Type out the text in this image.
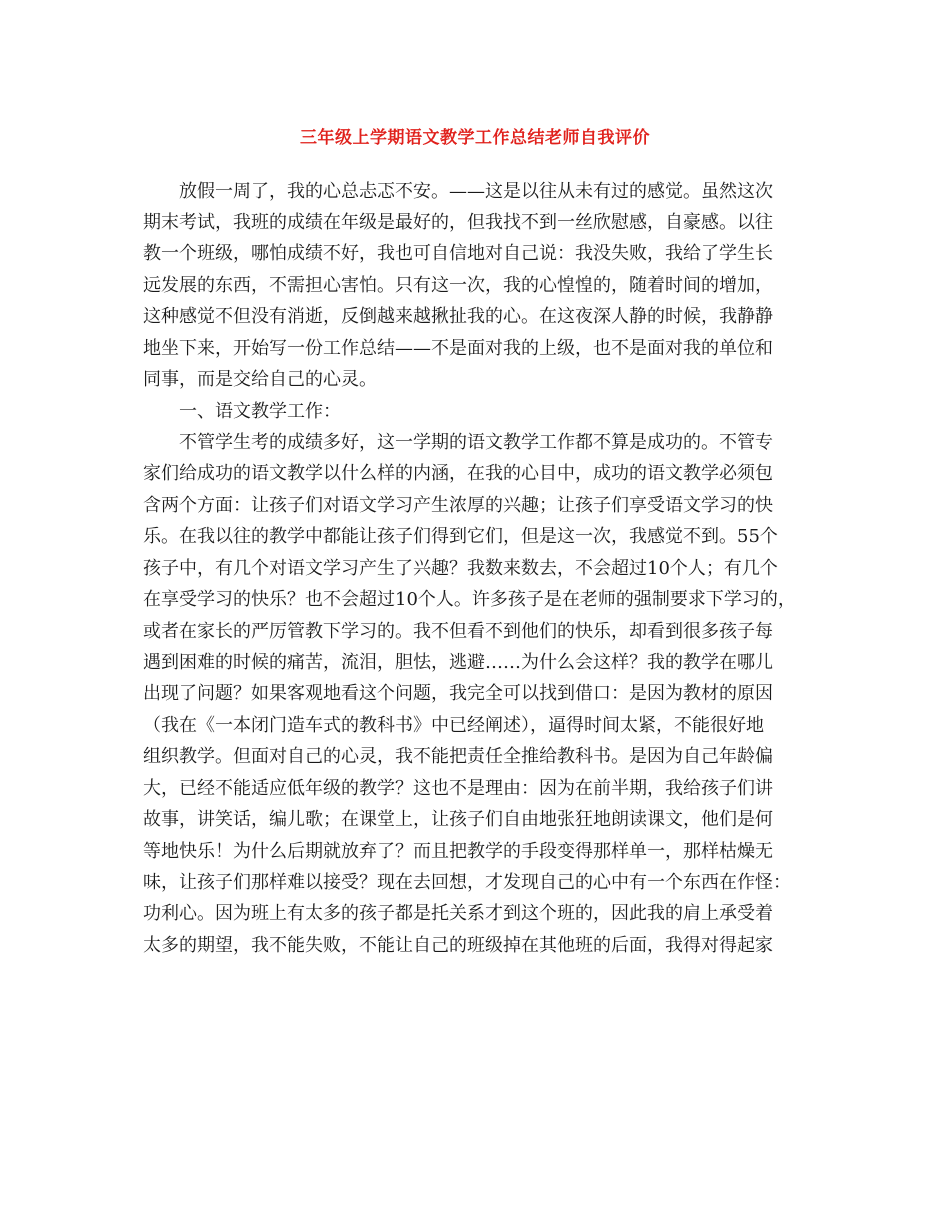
三年级上学期语文教学工作总结老师自我评价
　　放假一周了，我的心总忐忑不安。——这是以往从未有过的感觉。虽然这次
期末考试，我班的成绩在年级是最好的，但我找不到一丝欣慰感，自豪感。以往
教一个班级，哪怕成绩不好，我也可自信地对自己说：我没失败，我给了学生长
远发展的东西，不需担心害怕。只有这一次，我的心惶惶的，随着时间的增加，
这种感觉不但没有消逝，反倒越来越揪扯我的心。在这夜深人静的时候，我静静
地坐下来，开始写一份工作总结——不是面对我的上级，也不是面对我的单位和
同事，而是交给自己的心灵。
　　一、语文教学工作：
　　不管学生考的成绩多好，这一学期的语文教学工作都不算是成功的。不管专
家们给成功的语文教学以什么样的内涵，在我的心目中，成功的语文教学必须包
含两个方面：让孩子们对语文学习产生浓厚的兴趣；让孩子们享受语文学习的快
乐。在我以往的教学中都能让孩子们得到它们，但是这一次，我感觉不到。55个
孩子中，有几个对语文学习产生了兴趣？我数来数去，不会超过10个人；有几个
在享受学习的快乐？也不会超过10个人。许多孩子是在老师的强制要求下学习的，
或者在家长的严厉管教下学习的。我不但看不到他们的快乐，却看到很多孩子每
遇到困难的时候的痛苦，流泪，胆怯，逃避……为什么会这样？我的教学在哪儿
出现了问题？如果客观地看这个问题，我完全可以找到借口：是因为教材的原因
（我在《一本闭门造车式的教科书》中已经阐述），逼得时间太紧，不能很好地
组织教学。但面对自己的心灵，我不能把责任全推给教科书。是因为自己年龄偏
大，已经不能适应低年级的教学？这也不是理由：因为在前半期，我给孩子们讲
故事，讲笑话，编儿歌；在课堂上，让孩子们自由地张狂地朗读课文，他们是何
等地快乐！为什么后期就放弃了？而且把教学的手段变得那样单一，那样枯燥无
味，让孩子们那样难以接受？现在去回想，才发现自己的心中有一个东西在作怪：
功利心。因为班上有太多的孩子都是托关系才到这个班的，因此我的肩上承受着
太多的期望，我不能失败，不能让自己的班级掉在其他班的后面，我得对得起家
